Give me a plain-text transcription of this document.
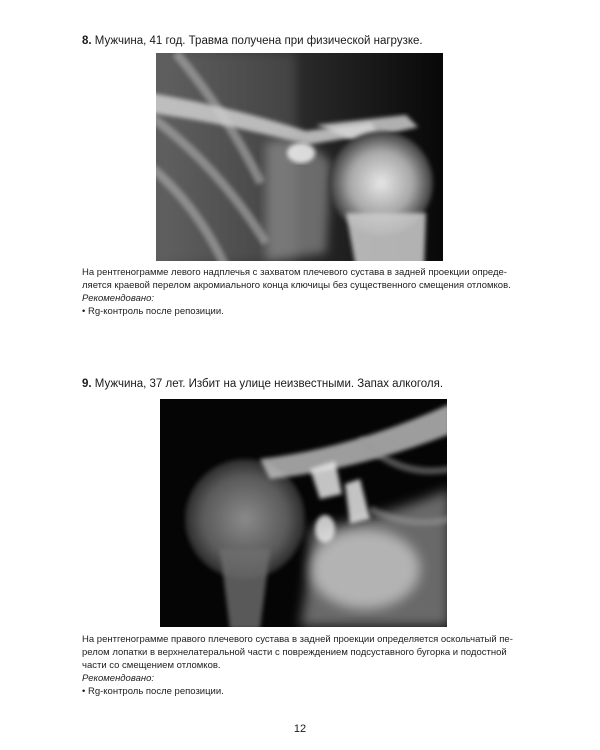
8. Мужчина, 41 год. Травма получена при физической нагрузке.
На рентгенограмме левого надплечья с захватом плечевого сустава в задней проекции опреде-
ляется краевой перелом акромиального конца ключицы без существенного смещения отломков.
Рекомендовано:
• Rg-контроль после репозиции.
9. Мужчина, 37 лет. Избит на улице неизвестными. Запах алкоголя.
На рентгенограмме правого плечевого сустава в задней проекции определяется оскольчатый пе-
релом лопатки в верхнелатеральной части с повреждением подсуставного бугорка и подостной
части со смещением отломков.
Рекомендовано:
• Rg-контроль после репозиции.
12
